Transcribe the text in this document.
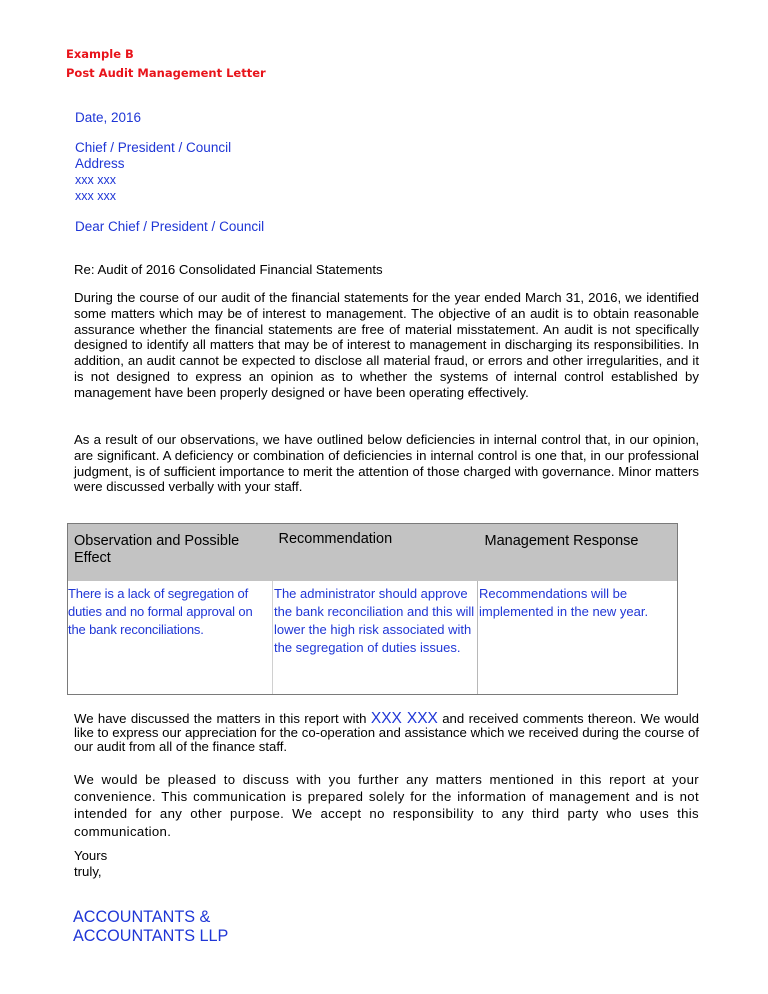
Example B
Post Audit Management Letter
Date, 2016
Chief / President / Council
Address
xxx xxx
xxx xxx
Dear Chief / President / Council
Re: Audit of 2016 Consolidated Financial Statements

During the course of our audit of the financial statements for the year ended March 31, 2016, we identified some matters which may be of interest to management. The objective of an audit is to obtain reasonable assurance whether the financial statements are free of material misstatement. An audit is not specifically designed to identify all matters that may be of interest to management in discharging its responsibilities. In addition, an audit cannot be expected to disclose all material fraud, or errors and other irregularities, and it is not designed to express an opinion as to whether the systems of internal control established by management have been properly designed or have been operating effectively.

As a result of our observations, we have outlined below deficiencies in internal control that, in our opinion, are significant. A deficiency or combination of deficiencies in internal control is one that, in our professional judgment, is of sufficient importance to merit the attention of those charged with governance. Minor matters were discussed verbally with your staff.

Observation and Possible Effect	Recommendation	Management Response
There is a lack of segregation of duties and no formal approval on the bank reconciliations.	The administrator should approve the bank reconciliation and this will lower the high risk associated with the segregation of duties issues.	Recommendations will be implemented in the new year.

We have discussed the matters in this report with XXX XXX and received comments thereon. We would like to express our appreciation for the co-operation and assistance which we received during the course of our audit from all of the finance staff.

We would be pleased to discuss with you further any matters mentioned in this report at your convenience. This communication is prepared solely for the information of management and is not intended for any other purpose. We accept no responsibility to any third party who uses this communication.

Yours
truly,
ACCOUNTANTS &
ACCOUNTANTS LLP
